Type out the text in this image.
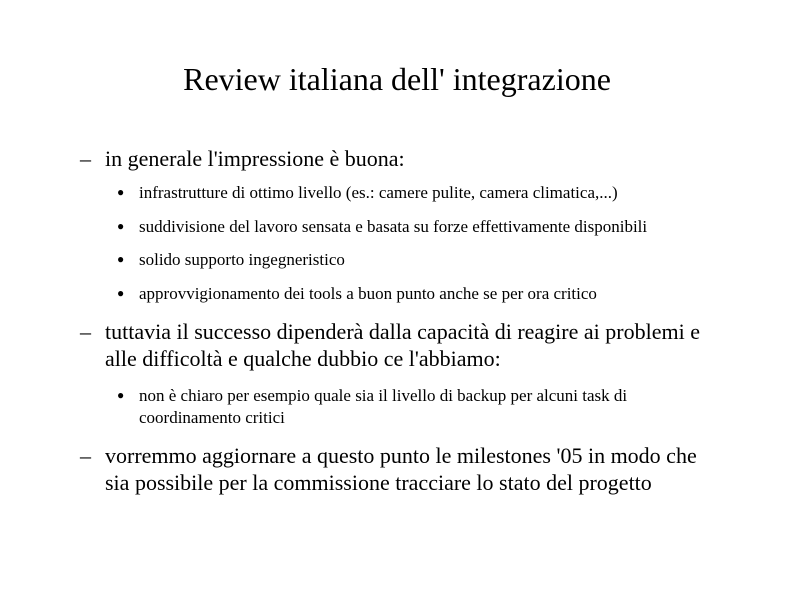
Review italiana dell' integrazione
– in generale l'impressione è buona:
● infrastrutture di ottimo livello (es.: camere pulite, camera climatica,...)
● suddivisione del lavoro sensata e basata su forze effettivamente disponibili
● solido supporto ingegneristico
● approvvigionamento dei tools a buon punto anche se per ora critico
– tuttavia il successo dipenderà dalla capacità di reagire ai problemi e
alle difficoltà e qualche dubbio ce l'abbiamo:
● non è chiaro per esempio quale sia il livello di backup per alcuni task di
coordinamento critici
– vorremmo aggiornare a questo punto le milestones '05 in modo che
sia possibile per la commissione tracciare lo stato del progetto
